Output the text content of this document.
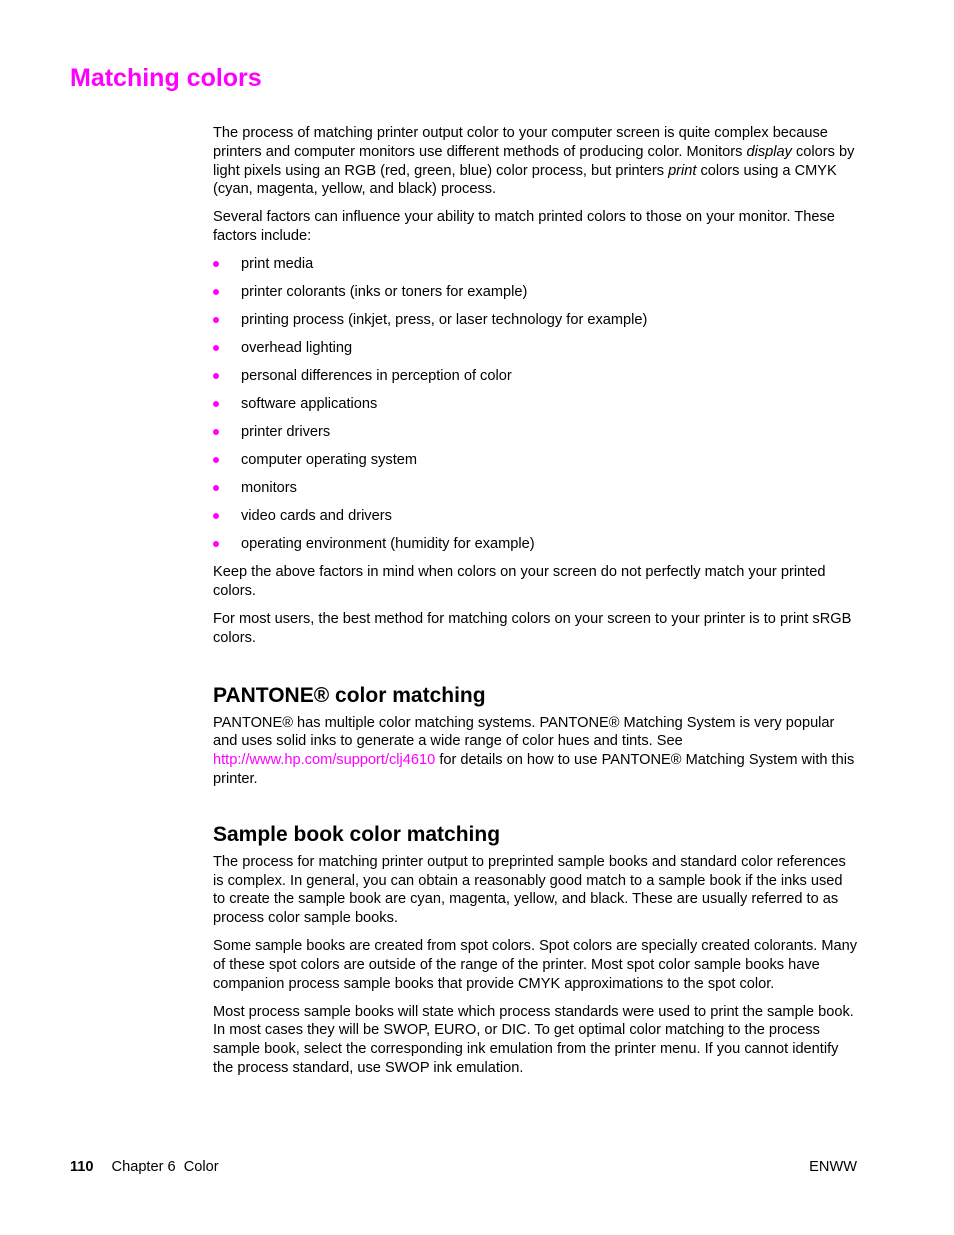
Matching colors

The process of matching printer output color to your computer screen is quite complex because printers and computer monitors use different methods of producing color. Monitors display colors by light pixels using an RGB (red, green, blue) color process, but printers print colors using a CMYK (cyan, magenta, yellow, and black) process.

Several factors can influence your ability to match printed colors to those on your monitor. These factors include:

print media
printer colorants (inks or toners for example)
printing process (inkjet, press, or laser technology for example)
overhead lighting
personal differences in perception of color
software applications
printer drivers
computer operating system
monitors
video cards and drivers
operating environment (humidity for example)

Keep the above factors in mind when colors on your screen do not perfectly match your printed colors.

For most users, the best method for matching colors on your screen to your printer is to print sRGB colors.

PANTONE® color matching

PANTONE® has multiple color matching systems. PANTONE® Matching System is very popular and uses solid inks to generate a wide range of color hues and tints. See http://www.hp.com/support/clj4610 for details on how to use PANTONE® Matching System with this printer.

Sample book color matching

The process for matching printer output to preprinted sample books and standard color references is complex. In general, you can obtain a reasonably good match to a sample book if the inks used to create the sample book are cyan, magenta, yellow, and black. These are usually referred to as process color sample books.

Some sample books are created from spot colors. Spot colors are specially created colorants. Many of these spot colors are outside of the range of the printer. Most spot color sample books have companion process sample books that provide CMYK approximations to the spot color.

Most process sample books will state which process standards were used to print the sample book. In most cases they will be SWOP, EURO, or DIC. To get optimal color matching to the process sample book, select the corresponding ink emulation from the printer menu. If you cannot identify the process standard, use SWOP ink emulation.

110 Chapter 6  Color	ENWW
